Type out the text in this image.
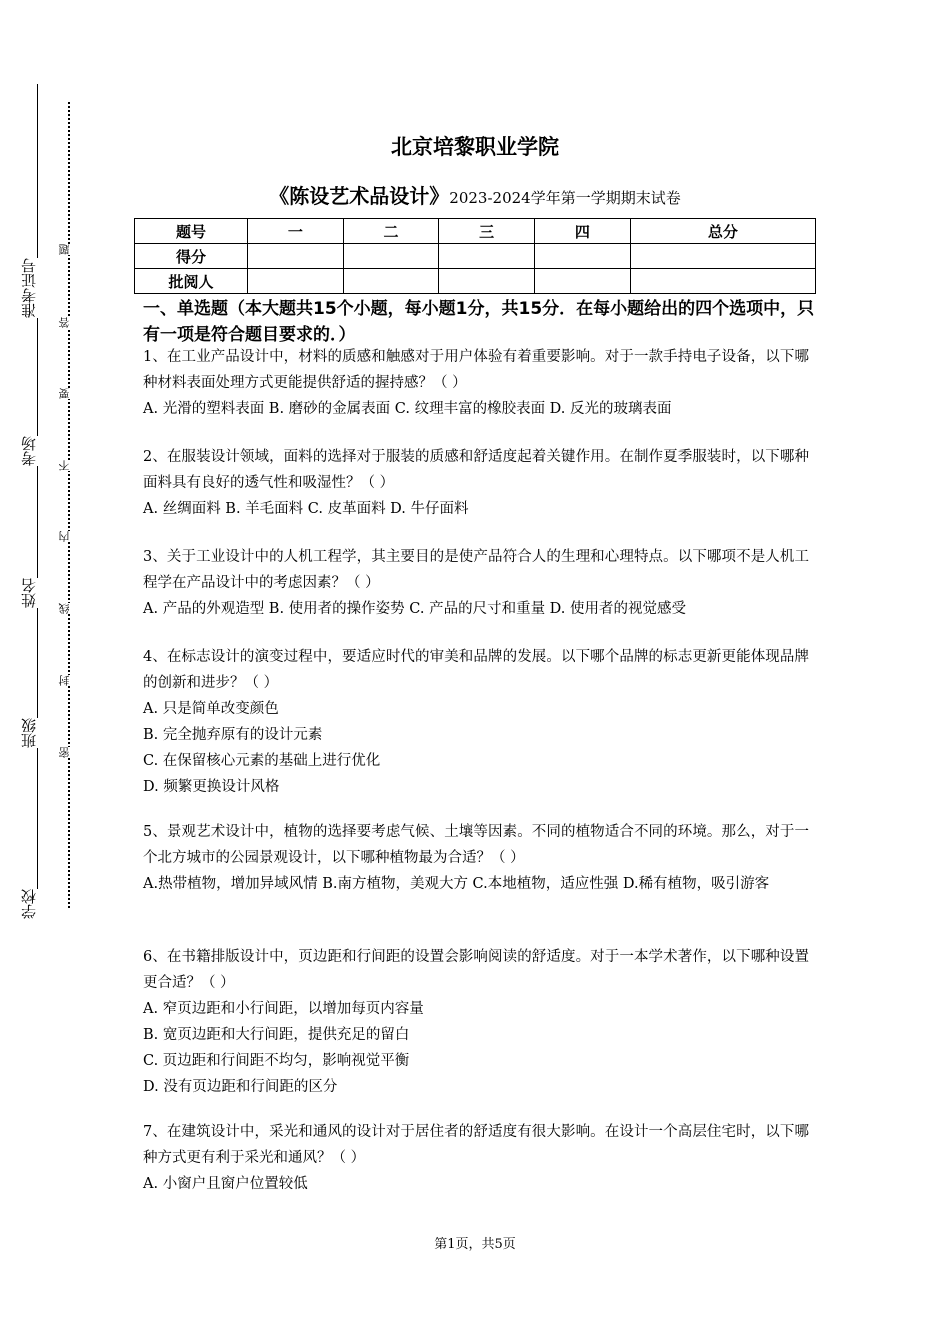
准考证号
考场
姓名
班级
学校
题
答
要
不
内
线
封
密
北京培黎职业学院
《陈设艺术品设计》2023-2024学年第一学期期末试卷
题号	一	二	三	四	总分
得分					
批阅人					
一、单选题（本大题共15个小题，每小题1分，共15分．在每小题给出的四个选项中，只有一项是符合题目要求的．）
1、在工业产品设计中，材料的质感和触感对于用户体验有着重要影响。对于一款手持电子设备，以下哪种材料表面处理方式更能提供舒适的握持感？（ ）
A. 光滑的塑料表面 B. 磨砂的金属表面 C. 纹理丰富的橡胶表面 D. 反光的玻璃表面
2、在服装设计领域，面料的选择对于服装的质感和舒适度起着关键作用。在制作夏季服装时，以下哪种面料具有良好的透气性和吸湿性？（ ）
A. 丝绸面料 B. 羊毛面料 C. 皮革面料 D. 牛仔面料
3、关于工业设计中的人机工程学，其主要目的是使产品符合人的生理和心理特点。以下哪项不是人机工程学在产品设计中的考虑因素？（ ）
A. 产品的外观造型 B. 使用者的操作姿势 C. 产品的尺寸和重量 D. 使用者的视觉感受
4、在标志设计的演变过程中，要适应时代的审美和品牌的发展。以下哪个品牌的标志更新更能体现品牌的创新和进步？（ ）
A. 只是简单改变颜色
B. 完全抛弃原有的设计元素
C. 在保留核心元素的基础上进行优化
D. 频繁更换设计风格
5、景观艺术设计中，植物的选择要考虑气候、土壤等因素。不同的植物适合不同的环境。那么，对于一个北方城市的公园景观设计，以下哪种植物最为合适？（ ）
A.热带植物，增加异域风情 B.南方植物，美观大方 C.本地植物，适应性强 D.稀有植物，吸引游客
6、在书籍排版设计中，页边距和行间距的设置会影响阅读的舒适度。对于一本学术著作，以下哪种设置更合适？（ ）
A. 窄页边距和小行间距，以增加每页内容量
B. 宽页边距和大行间距，提供充足的留白
C. 页边距和行间距不均匀，影响视觉平衡
D. 没有页边距和行间距的区分
7、在建筑设计中，采光和通风的设计对于居住者的舒适度有很大影响。在设计一个高层住宅时，以下哪种方式更有利于采光和通风？（ ）
A. 小窗户且窗户位置较低
第1页，共5页
